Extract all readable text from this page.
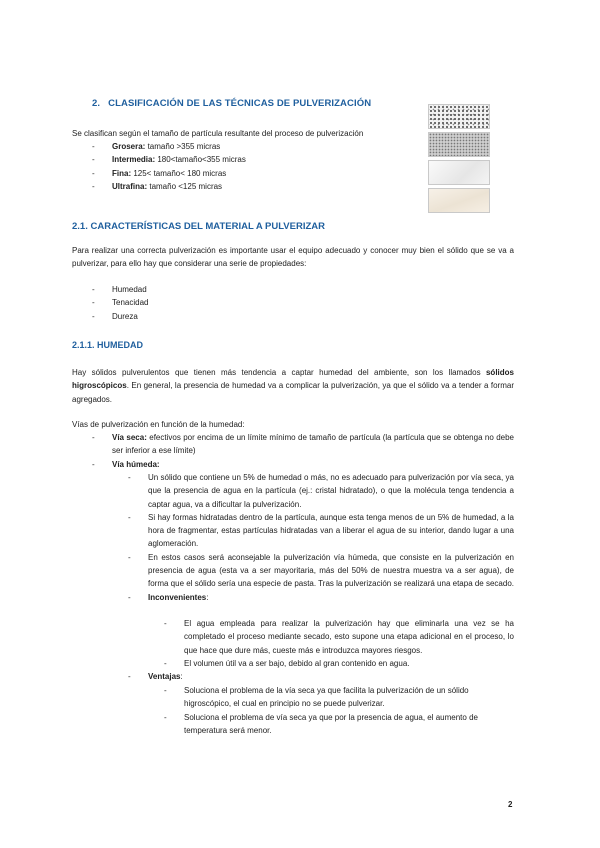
2. CLASIFICACIÓN DE LAS TÉCNICAS DE PULVERIZACIÓN
Se clasifican según el tamaño de partícula resultante del proceso de pulverización
- Grosera: tamaño >355 micras
- Intermedia: 180<tamaño<355 micras
- Fina: 125< tamaño< 180 micras
- Ultrafina: tamaño <125 micras
2.1. CARACTERÍSTICAS DEL MATERIAL A PULVERIZAR
Para realizar una correcta pulverización es importante usar el equipo adecuado y conocer muy bien el sólido que se va a pulverizar, para ello hay que considerar una serie de propiedades:
- Humedad
- Tenacidad
- Dureza
2.1.1. HUMEDAD
Hay sólidos pulverulentos que tienen más tendencia a captar humedad del ambiente, son los llamados sólidos higroscópicos. En general, la presencia de humedad va a complicar la pulverización, ya que el sólido va a tender a formar agregados.
Vías de pulverización en función de la humedad:
- Vía seca: efectivos por encima de un límite mínimo de tamaño de partícula (la partícula que se obtenga no debe ser inferior a ese límite)
- Vía húmeda:
- Un sólido que contiene un 5% de humedad o más, no es adecuado para pulverización por vía seca, ya que la presencia de agua en la partícula (ej.: cristal hidratado), o que la molécula tenga tendencia a captar agua, va a dificultar la pulverización.
- Si hay formas hidratadas dentro de la partícula, aunque esta tenga menos de un 5% de humedad, a la hora de fragmentar, estas partículas hidratadas van a liberar el agua de su interior, dando lugar a una aglomeración.
- En estos casos será aconsejable la pulverización vía húmeda, que consiste en la pulverización en presencia de agua (esta va a ser mayoritaria, más del 50% de nuestra muestra va a ser agua), de forma que el sólido sería una especie de pasta. Tras la pulverización se realizará una etapa de secado.
- Inconvenientes:
- El agua empleada para realizar la pulverización hay que eliminarla una vez se ha completado el proceso mediante secado, esto supone una etapa adicional en el proceso, lo que hace que dure más, cueste más e introduzca mayores riesgos.
- El volumen útil va a ser bajo, debido al gran contenido en agua.
- Ventajas:
- Soluciona el problema de la vía seca ya que facilita la pulverización de un sólido higroscópico, el cual en principio no se puede pulverizar.
- Soluciona el problema de vía seca ya que por la presencia de agua, el aumento de temperatura será menor.
2
